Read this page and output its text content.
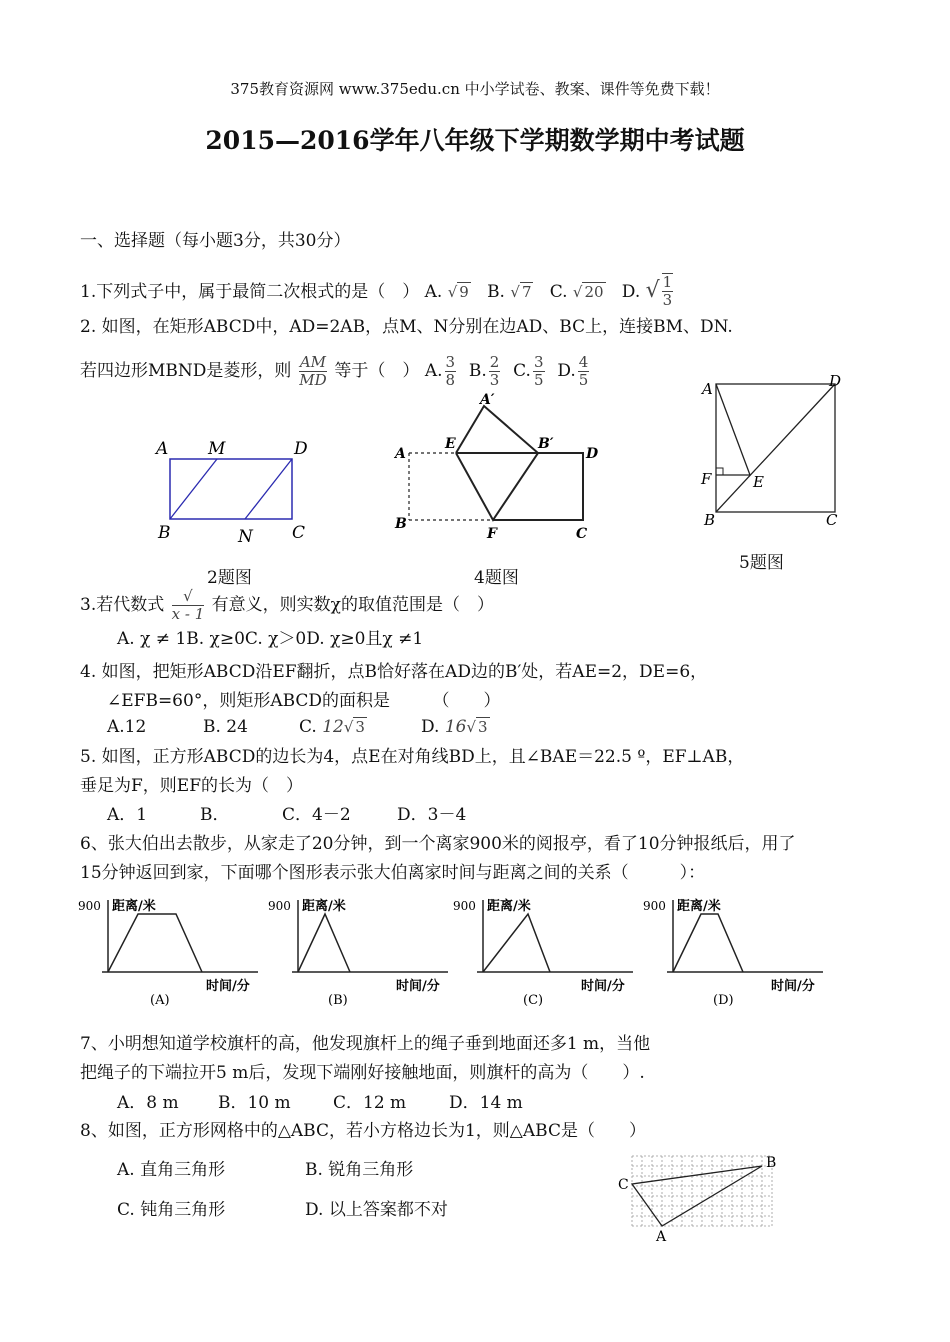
375教育资源网 www.375edu.cn 中小学试卷、教案、课件等免费下载！
2015—2016学年八年级下学期数学期中考试题
一、选择题（每小题3分，共30分）
1.下列式子中，属于最简二次根式的是（　） A. √ 9 B. √ 7 C. √ 20 D. √ $\frac{1}{3}$
2. 如图，在矩形ABCD中，AD=2AB，点M、N分别在边AD、BC上，连接BM、DN.
若四边形MBND是菱形，则 $\frac{AM}{MD}$ 等于（　） A. $\frac{3}{8} B$. $\frac{2}{3} C$. $\frac{3}{5} D$. $\frac{4}{5}$
A M	D
B	N C
2题图
A′
A
E	B′
D
B
F	C
4题图
A	D
F	E
B	C
5题图
3.若代数式 $\frac{√}{x - 1}$ 有意义，则实数χ的取值范围是（　）
A. χ ≠ 1B. χ≥0C. χ＞0D. χ≥0且χ ≠1
4. 如图，把矩形ABCD沿EF翻折，点B恰好落在AD边的B′处，若AE=2，DE=6，
∠EFB=60°，则矩形ABCD的面积是　　　（　　）
A.12	B. 24	C. 12√ 3	D. 16√ 3
5. 如图，正方形ABCD的边长为4，点E在对角线BD上，且∠BAE＝22.5 º，EF⊥AB，
垂足为F，则EF的长为（　）
A．1	B．	C．4－2	D．3－4
6、张大伯出去散步，从家走了20分钟，到一个离家900米的阅报亭，看了10分钟报纸后，用了
15分钟返回到家，下面哪个图形表示张大伯离家时间与距离之间的关系（　　　）：
900 距离/米
时间/分
(A)
900 距离/米
时间/分
(B)
900 距离/米
时间/分
(C)
900 距离/米
时间/分
(D)
7、小明想知道学校旗杆的高，他发现旗杆上的绳子垂到地面还多1 m，当他
把绳子的下端拉开5 m后，发现下端刚好接触地面，则旗杆的高为（　　）.
A．8 m B．10 m C．12 m	D．14 m
8、如图，正方形网格中的△ABC，若小方格边长为1，则△ABC是（　　）
A. 直角三角形	B. 锐角三角形
C. 钝角三角形	D. 以上答案都不对
C
B
A
